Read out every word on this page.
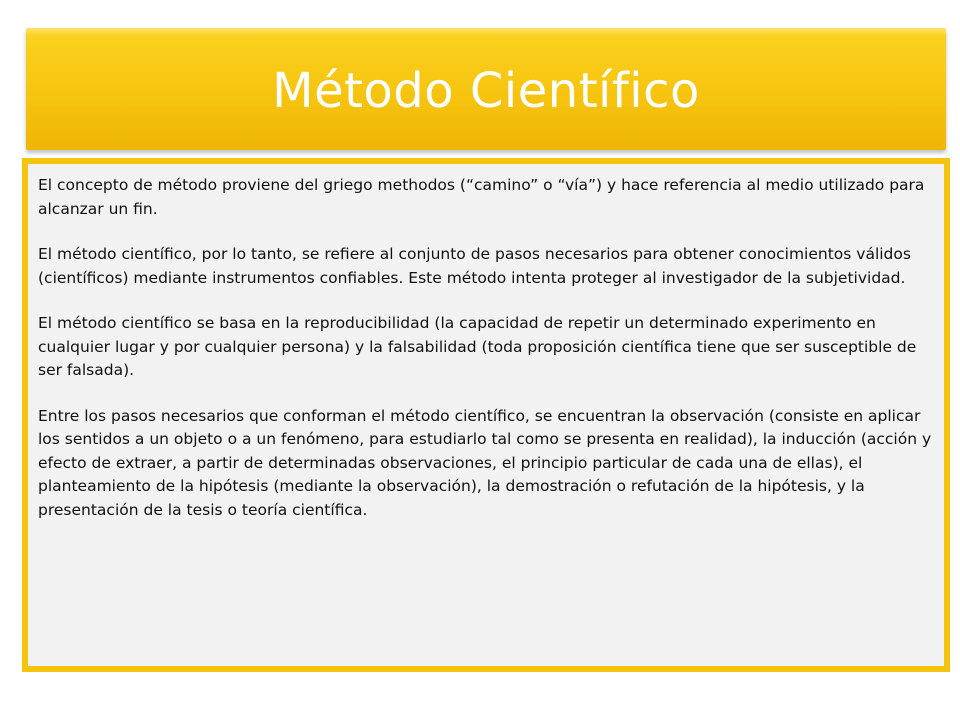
Método Científico

El concepto de método proviene del griego methodos (“camino” o “vía”) y hace referencia al medio utilizado para alcanzar un fin.

El método científico, por lo tanto, se refiere al conjunto de pasos necesarios para obtener conocimientos válidos (científicos) mediante instrumentos confiables. Este método intenta proteger al investigador de la subjetividad.

El método científico se basa en la reproducibilidad (la capacidad de repetir un determinado experimento en cualquier lugar y por cualquier persona) y la falsabilidad (toda proposición científica tiene que ser susceptible de ser falsada).

Entre los pasos necesarios que conforman el método científico, se encuentran la observación (consiste en aplicar los sentidos a un objeto o a un fenómeno, para estudiarlo tal como se presenta en realidad), la inducción (acción y efecto de extraer, a partir de determinadas observaciones, el principio particular de cada una de ellas), el planteamiento de la hipótesis (mediante la observación), la demostración o refutación de la hipótesis, y la presentación de la tesis o teoría científica.
